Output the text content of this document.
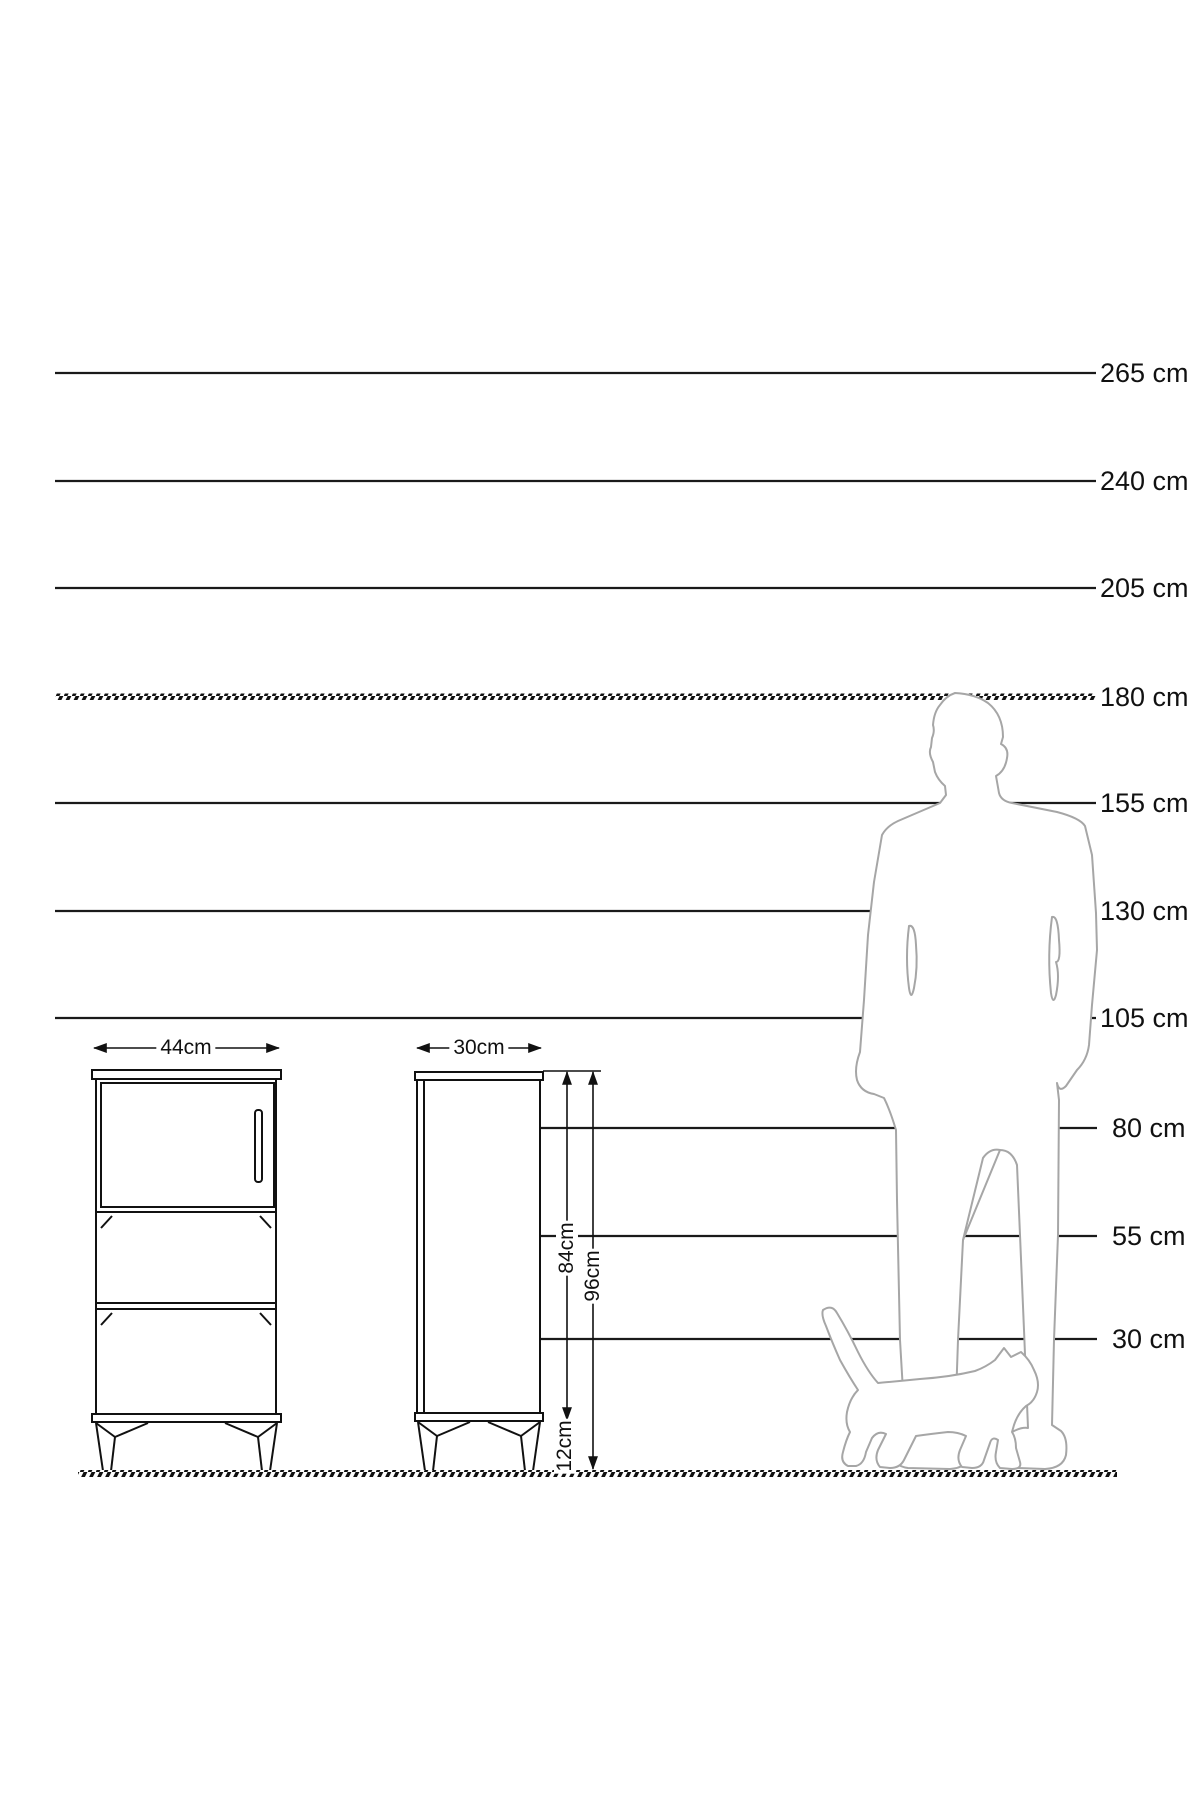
265 cm
240 cm
205 cm
180 cm
155 cm
130 cm
105 cm
80 cm
55 cm
30 cm
44cm	30cm
84cm
96cm
12cm
